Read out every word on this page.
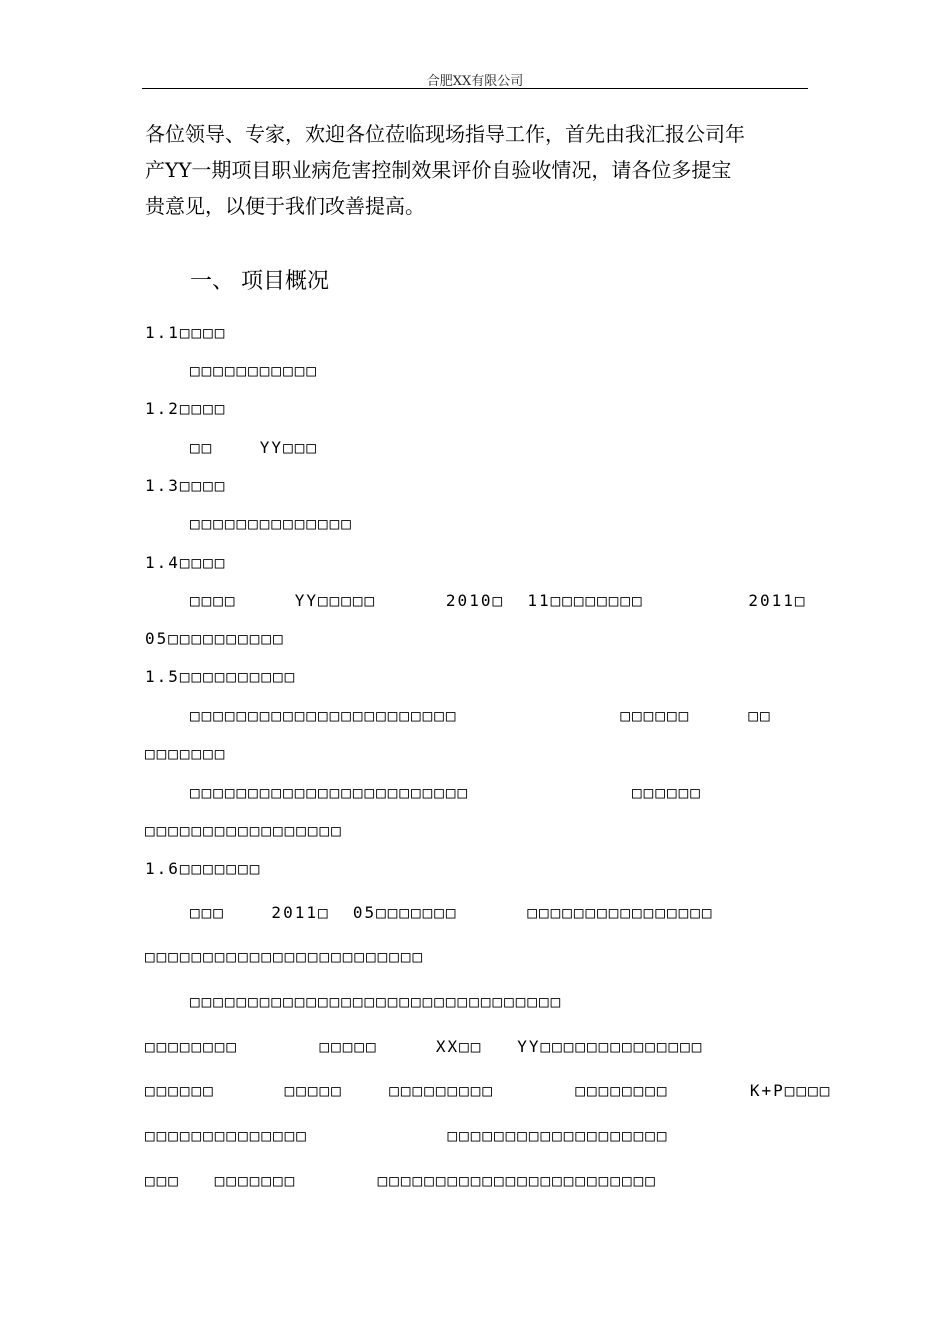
合肥XX有限公司
各位领导、专家，欢迎各位莅临现场指导工作，首先由我汇报公司年
产YY一期项目职业病危害控制效果评价自验收情况，请各位多提宝
贵意见，以便于我们改善提高。
一、 项目概况
1.1□□□□
□□□□□□□□□□□
1.2□□□□
□□    YY□□□
1.3□□□□
□□□□□□□□□□□□□□
1.4□□□□
□□□□     YY□□□□□      2010□  11□□□□□□□□         2011□
05□□□□□□□□□□
1.5□□□□□□□□□□
□□□□□□□□□□□□□□□□□□□□□□□              □□□□□□     □□
□□□□□□□
□□□□□□□□□□□□□□□□□□□□□□□□              □□□□□□
□□□□□□□□□□□□□□□□□
1.6□□□□□□□
□□□    2011□  05□□□□□□□      □□□□□□□□□□□□□□□□
□□□□□□□□□□□□□□□□□□□□□□□□
□□□□□□□□□□□□□□□□□□□□□□□□□□□□□□□□
□□□□□□□□       □□□□□     XX□□   YY□□□□□□□□□□□□□□
□□□□□□      □□□□□    □□□□□□□□□       □□□□□□□□       K+P□□□□
□□□□□□□□□□□□□□            □□□□□□□□□□□□□□□□□□□
□□□   □□□□□□□       □□□□□□□□□□□□□□□□□□□□□□□□
